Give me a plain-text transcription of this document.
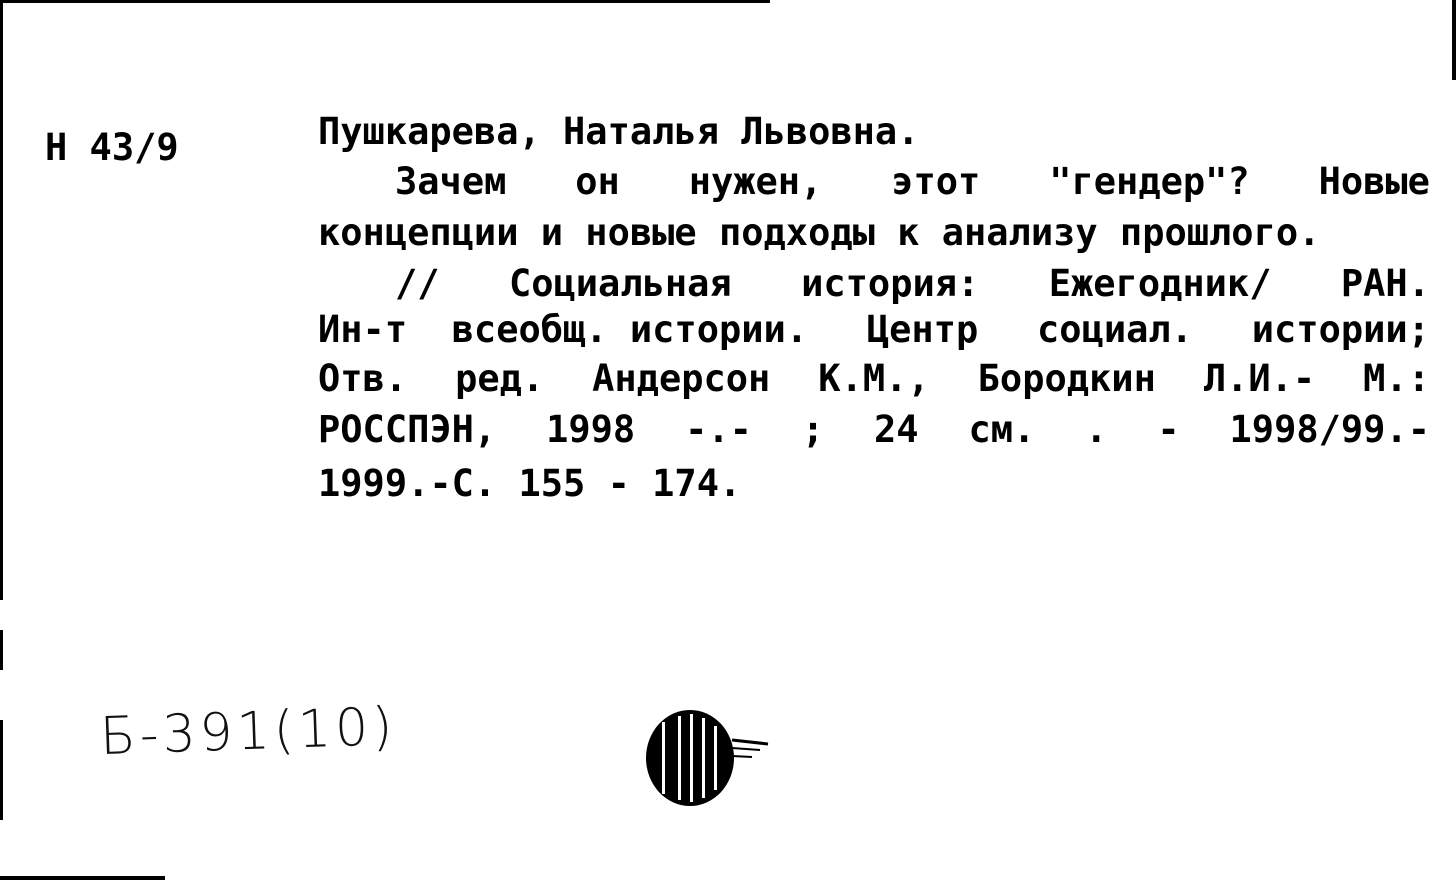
Н 43/9	Пушкарева, Наталья Львовна.
Зачем он нужен, этот "гендер"? Новые
концепции и новые подходы к анализу прошлого.
// Социальная история: Ежегодник/ РАН.
Ин-т  всеобщ. истории. Центр социал. истории;
Отв. ред. Андерсон К.М., Бородкин Л.И.- М.:
РОССПЭН, 1998 -.- ; 24 см. . - 1998/99.-
1999.-С. 155 - 174.
Б-391(10)
